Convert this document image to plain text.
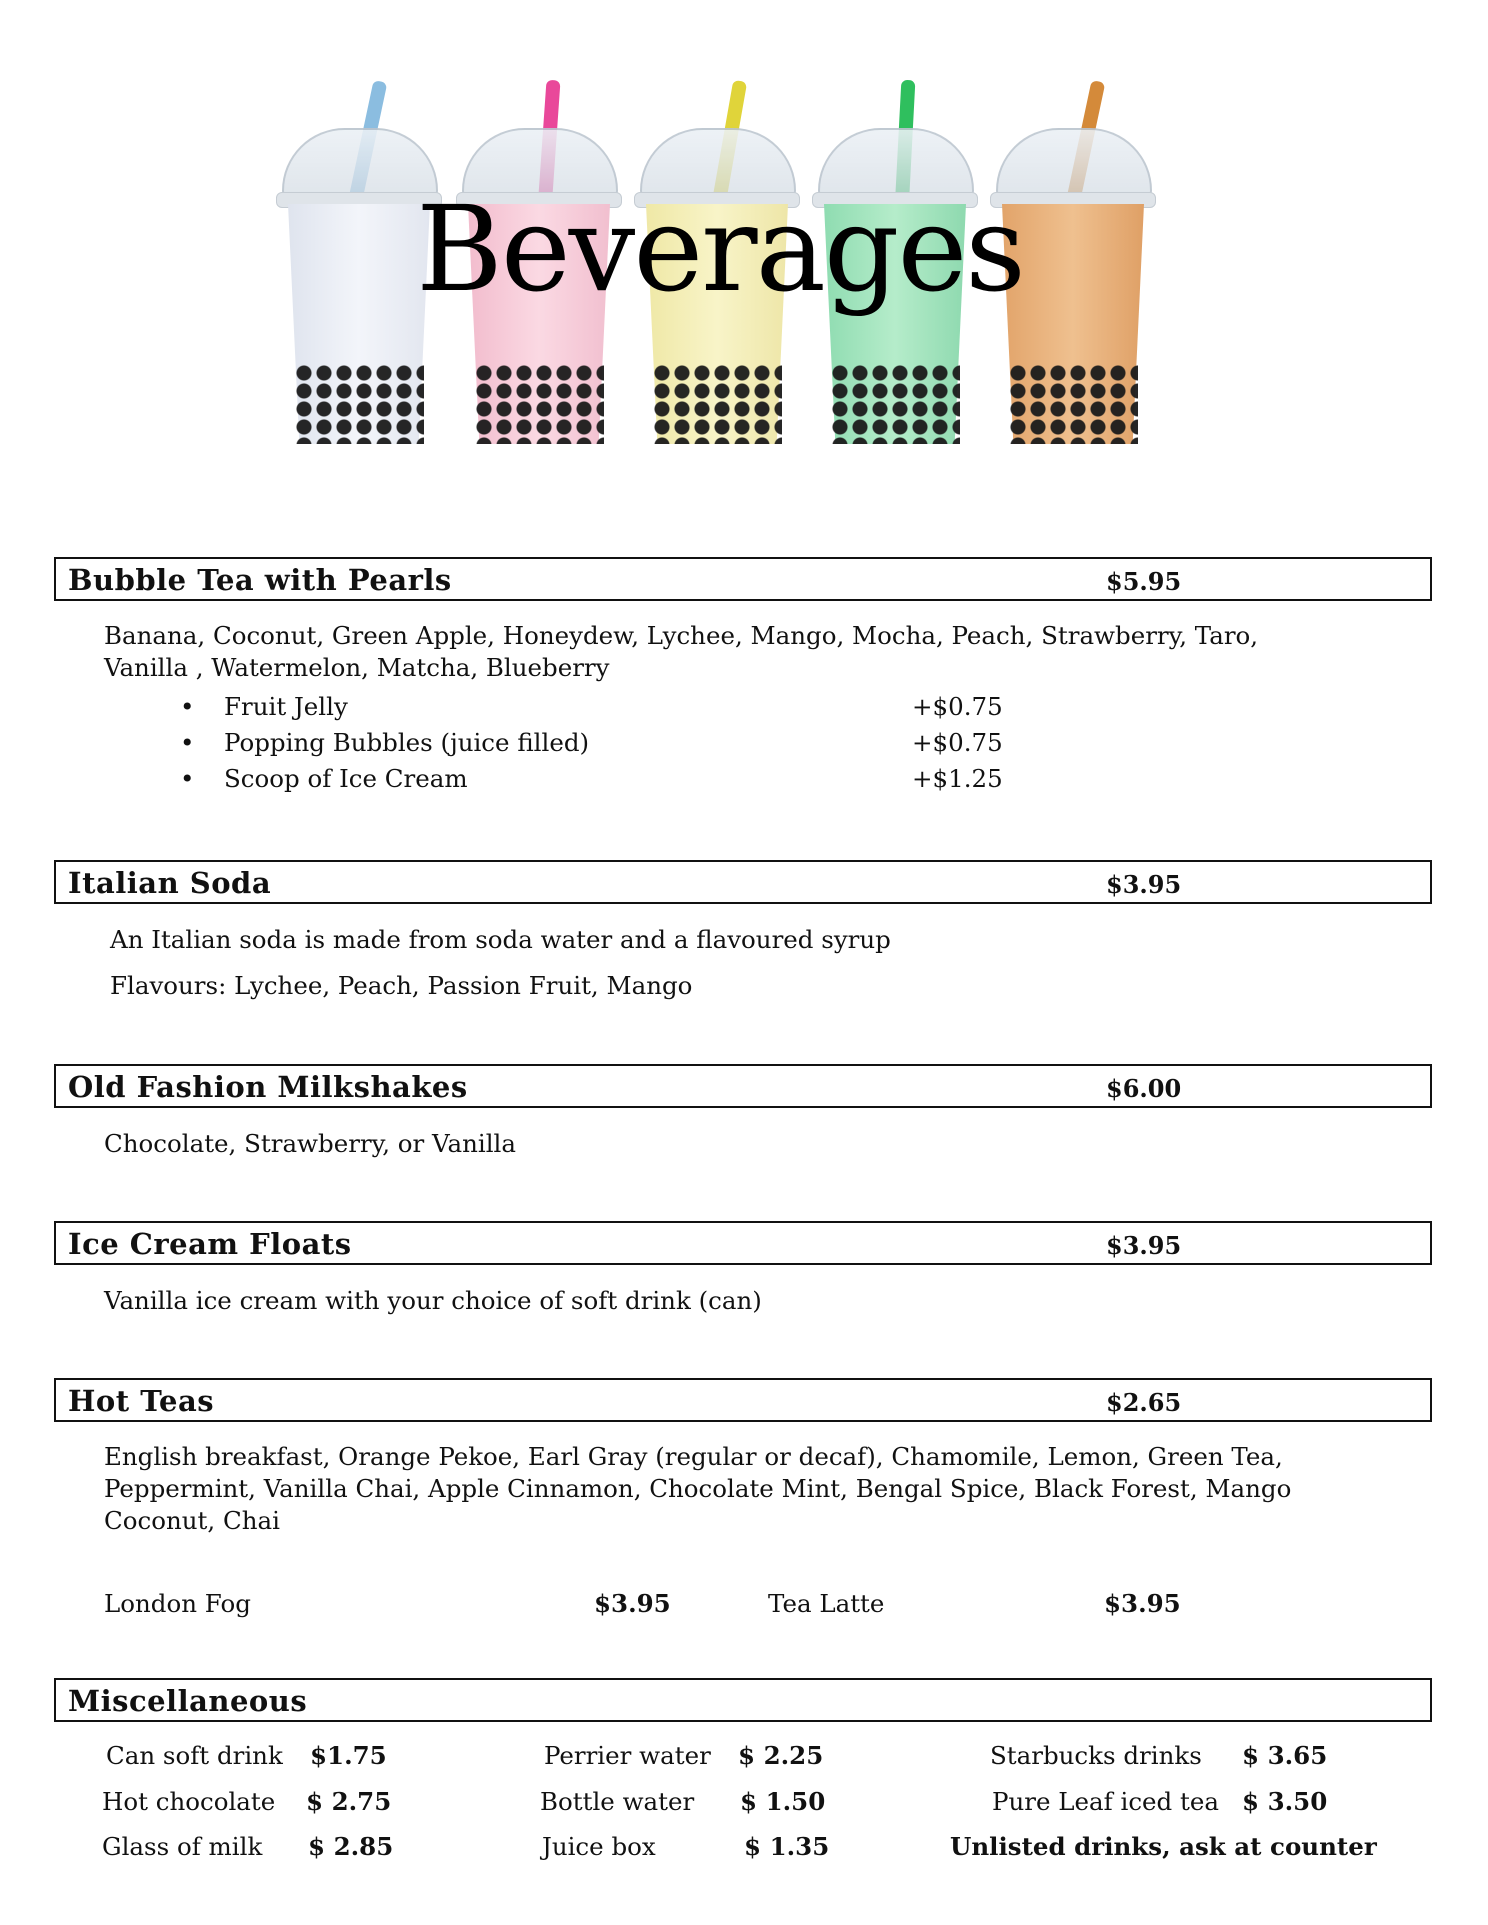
Beverages
Bubble Tea with Pearls	$5.95
Banana, Coconut, Green Apple, Honeydew, Lychee, Mango, Mocha, Peach, Strawberry, Taro,
Vanilla , Watermelon, Matcha, Blueberry
• Fruit Jelly	+$0.75
• Popping Bubbles (juice filled)	+$0.75
• Scoop of Ice Cream	+$1.25
Italian Soda	$3.95
An Italian soda is made from soda water and a flavoured syrup
Flavours: Lychee, Peach, Passion Fruit, Mango
Old Fashion Milkshakes	$6.00
Chocolate, Strawberry, or Vanilla
Ice Cream Floats	$3.95
Vanilla ice cream with your choice of soft drink (can)
Hot Teas	$2.65
English breakfast, Orange Pekoe, Earl Gray (regular or decaf), Chamomile, Lemon, Green Tea,
Peppermint, Vanilla Chai, Apple Cinnamon, Chocolate Mint, Bengal Spice, Black Forest, Mango
Coconut, Chai
London Fog	$3.95	Tea Latte	$3.95
Miscellaneous
Can soft drink $1.75	Perrier water $ 2.25	Starbucks drinks $ 3.65
Hot chocolate $ 2.75	Bottle water $ 1.50	Pure Leaf iced tea $ 3.50
Glass of milk $ 2.85	Juice box	$ 1.35	Unlisted drinks, ask at counter
